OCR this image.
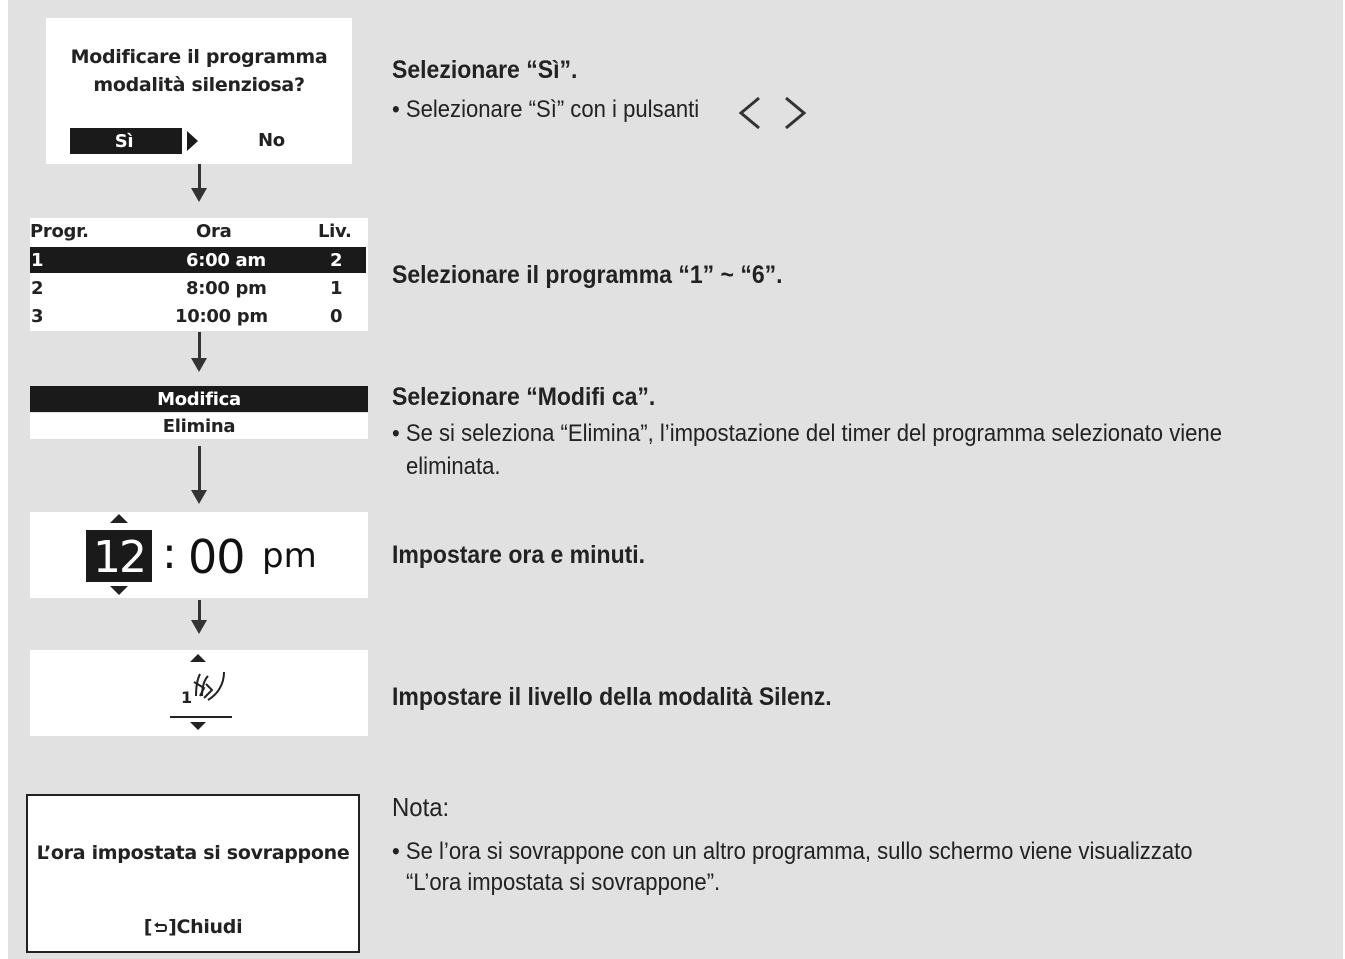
Modificare il programma
modalità silenziosa?
Sì	No
Progr.	Ora	Liv.
1	6:00 am	2
2	8:00 pm	1
3	10:00 pm	0
Modifica
Elimina
12 : 00 pm
1
L’ora impostata si sovrappone
[ ]Chiudi
Selezionare “Sì”.
• Selezionare “Sì” con i pulsanti
Selezionare il programma “1” ~ “6”.
Selezionare “Modifi ca”.
• Se si seleziona “Elimina”, l’impostazione del timer del programma selezionato viene
eliminata.
Impostare ora e minuti.
Impostare il livello della modalità Silenz.
Nota:
• Se l’ora si sovrappone con un altro programma, sullo schermo viene visualizzato
“L’ora impostata si sovrappone”.
